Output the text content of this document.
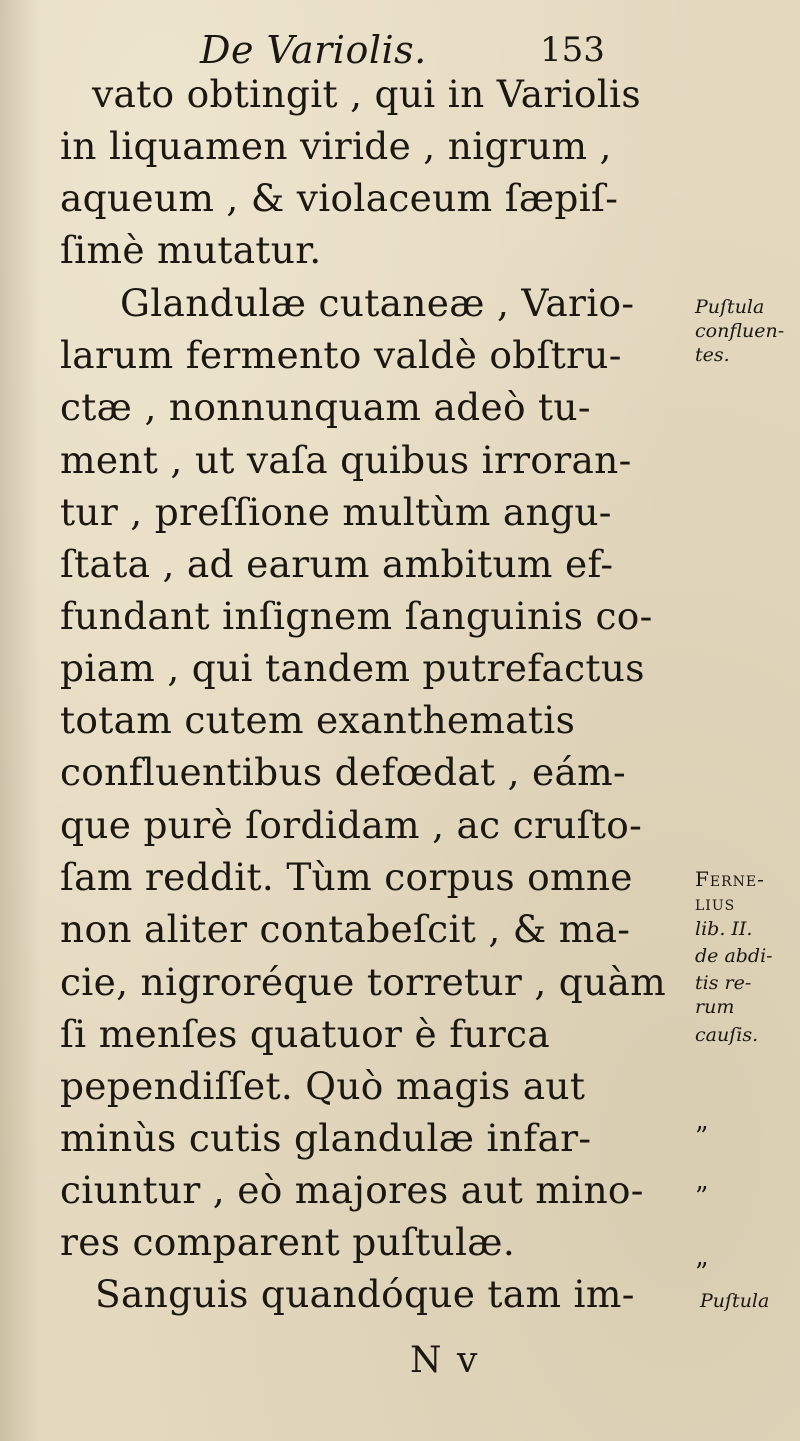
De Variolis.	153
vato obtingit , qui in Variolis
in liquamen viride , nigrum ,
aqueum , & violaceum ſæpiſ-
ſimè mutatur.
Glandulæ cutaneæ , Vario-
larum fermento valdè obſtru-
ctæ , nonnunquam adeò tu-
ment , ut vaſa quibus irroran-
tur , preſſione multùm angu-
ſtata , ad earum ambitum ef-
fundant inſignem ſanguinis co-
piam , qui tandem putrefactus
totam cutem exanthematis
confluentibus defœdat , eám-
que purè ſordidam , ac cruſto-
ſam reddit. Tùm corpus omne
non aliter contabeſcit , & ma-
cie, nigroréque torretur , quàm
ſi menſes quatuor è furca
pependiſſet. Quò magis aut
minùs cutis glandulæ infar-
ciuntur , eò majores aut mino-
res comparent puſtulæ.
Sanguis quandóque tam im-
Puſtula
confluen-
tes.
Ferne-
lius
lib. II.
de abdi-
tis re-
rum
cauſis.
”
”
”
Puſtula
N v
